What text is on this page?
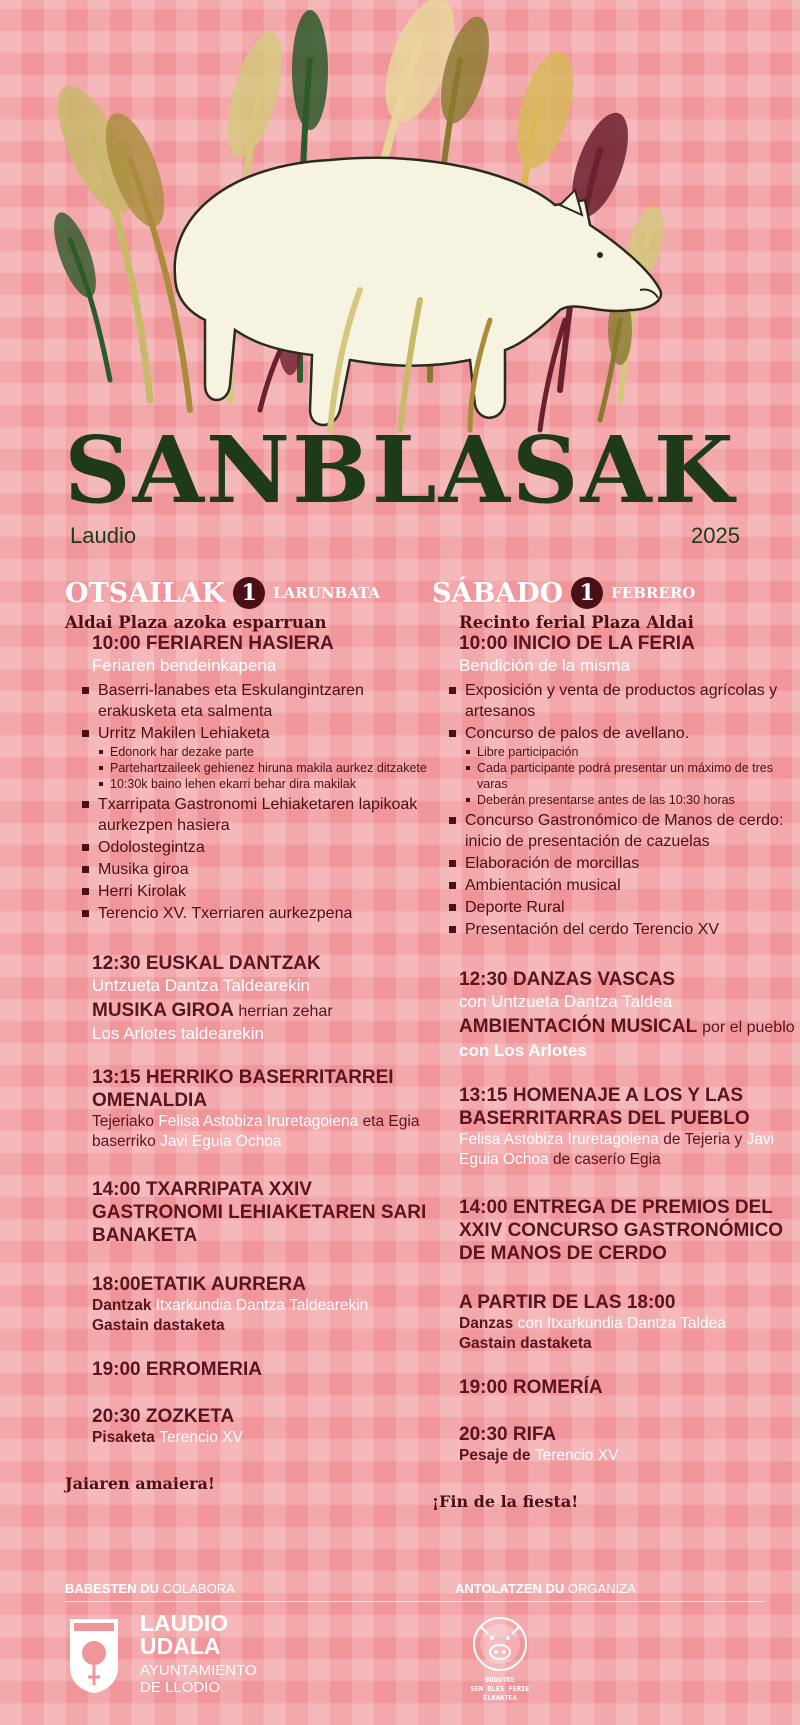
SANBLASAK
Laudio	2025
OTSAILAK 1	LARUNBATA
Aldai Plaza azoka esparruan
10:00 FERIAREN HASIERA
Feriaren bendeinkapena
Baserri-lanabes eta Eskulangintzaren erakusketa eta salmenta
Urritz Makilen Lehiaketa
Edonork har dezake parte
Partehartzaileek gehienez hiruna makila aurkez ditzakete
10:30k baino lehen ekarri behar dira makilak
Txarripata Gastronomi Lehiaketaren lapikoak aurkezpen hasiera
Odolostegintza
Musika giroa
Herri Kirolak
Terencio XV. Txerriaren aurkezpena
12:30 EUSKAL DANTZAK
Untzueta Dantza Taldearekin
MUSIKA GIROA herrian zehar
Los Arlotes taldearekin
13:15 HERRIKO BASERRITARREI OMENALDIA
Tejeriako Felisa Astobiza Iruretagoiena eta Egia baserriko Javi Eguia Ochoa
14:00 TXARRIPATA XXIV GASTRONOMI LEHIAKETAREN SARI BANAKETA
18:00ETATIK AURRERA
Dantzak Itxarkundia Dantza Taldearekin
Gastain dastaketa
19:00 ERROMERIA
20:30 ZOZKETA
Pisaketa Terencio XV
Jaiaren amaiera!
SÁBADO 1	FEBRERO
Recinto ferial Plaza Aldai
10:00 INICIO DE LA FERIA
Bendición de la misma
Exposición y venta de productos agrícolas y artesanos
Concurso de palos de avellano.
Libre participación
Cada participante podrá presentar un máximo de tres varas
Deberán presentarse antes de las 10:30 horas
Concurso Gastronómico de Manos de cerdo: inicio de presentación de cazuelas
Elaboración de morcillas
Ambientación musical
Deporte Rural
Presentación del cerdo Terencio XV
12:30 DANZAS VASCAS
con Untzueta Dantza Taldea
AMBIENTACIÓN MUSICAL por el pueblo con Los Arlotes
13:15 HOMENAJE A LOS Y LAS BASERRITARRAS DEL PUEBLO
Felisa Astobiza Iruretagoiena de Tejeria y Javi Eguia Ochoa de caserío Egia
14:00 ENTREGA DE PREMIOS DEL XXIV CONCURSO GASTRONÓMICO DE MANOS DE CERDO
A PARTIR DE LAS 18:00
Danzas con Itxarkundia Dantza Taldea
Gastain dastaketa
19:00 ROMERÍA
20:30 RIFA
Pesaje de Terencio XV
¡Fin de la fiesta!
BABESTEN DU COLABORA	ANTOLATZEN DU ORGANIZA
LAUDIO
UDALA
AYUNTAMIENTO
DE LLODIO	BUDUTRE
SEN BLES FERIE
ELKARTEA
